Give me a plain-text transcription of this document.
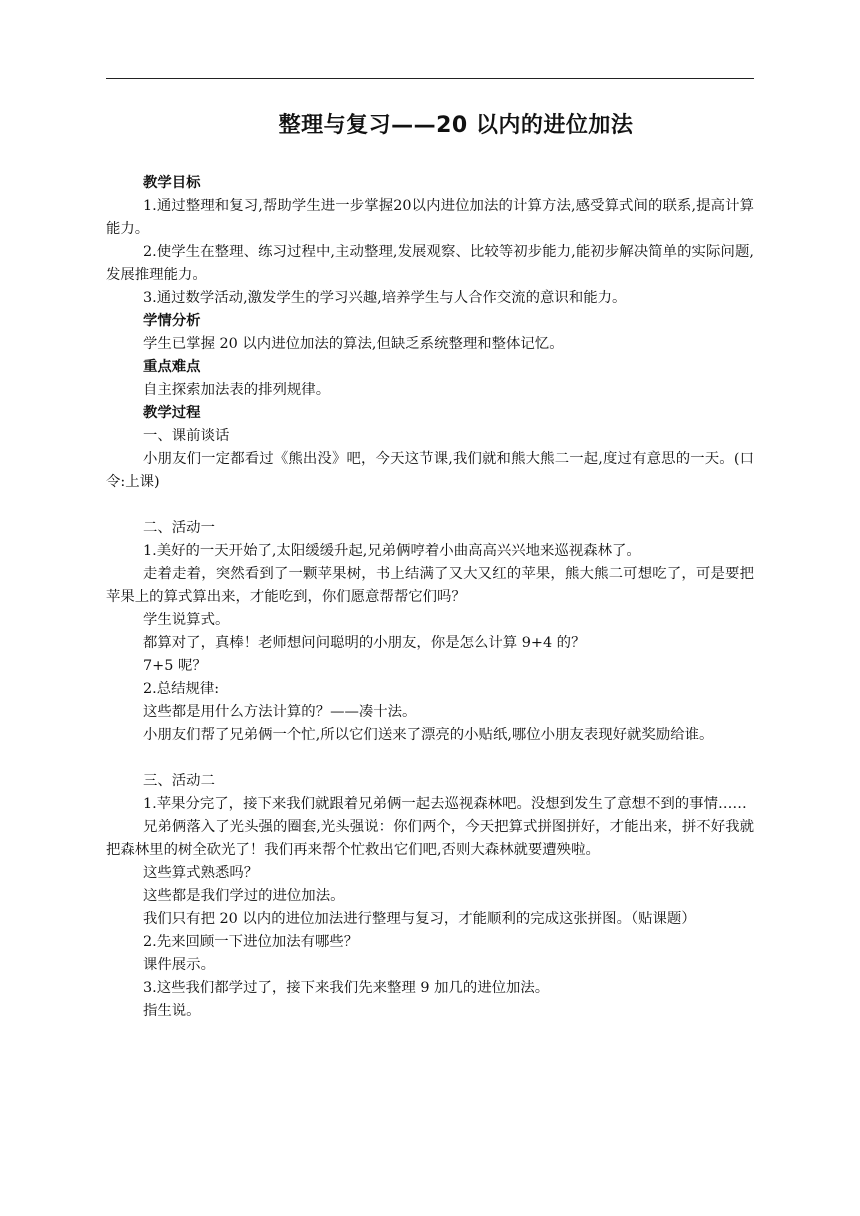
整理与复习——20 以内的进位加法

教学目标

1.通过整理和复习,帮助学生进一步掌握20以内进位加法的计算方法,感受算式间的联系,提高计算能力。

2.使学生在整理、练习过程中,主动整理,发展观察、比较等初步能力,能初步解决简单的实际问题,发展推理能力。

3.通过数学活动,激发学生的学习兴趣,培养学生与人合作交流的意识和能力。

学情分析

学生已掌握 20 以内进位加法的算法,但缺乏系统整理和整体记忆。

重点难点

自主探索加法表的排列规律。

教学过程

一、课前谈话

小朋友们一定都看过《熊出没》吧，今天这节课,我们就和熊大熊二一起,度过有意思的一天。(口令:上课)

二、活动一

1.美好的一天开始了,太阳缓缓升起,兄弟俩哼着小曲高高兴兴地来巡视森林了。

走着走着，突然看到了一颗苹果树，书上结满了又大又红的苹果，熊大熊二可想吃了，可是要把苹果上的算式算出来，才能吃到，你们愿意帮帮它们吗？

学生说算式。

都算对了，真棒！老师想问问聪明的小朋友，你是怎么计算 9+4 的？

7+5 呢？

2.总结规律:

这些都是用什么方法计算的？——凑十法。

小朋友们帮了兄弟俩一个忙,所以它们送来了漂亮的小贴纸,哪位小朋友表现好就奖励给谁。

三、活动二

1.苹果分完了，接下来我们就跟着兄弟俩一起去巡视森林吧。没想到发生了意想不到的事情……

兄弟俩落入了光头强的圈套,光头强说：你们两个，今天把算式拼图拼好，才能出来，拼不好我就把森林里的树全砍光了！我们再来帮个忙救出它们吧,否则大森林就要遭殃啦。

这些算式熟悉吗？

这些都是我们学过的进位加法。

我们只有把 20 以内的进位加法进行整理与复习，才能顺利的完成这张拼图。（贴课题）

2.先来回顾一下进位加法有哪些？

课件展示。

3.这些我们都学过了，接下来我们先来整理 9 加几的进位加法。

指生说。
